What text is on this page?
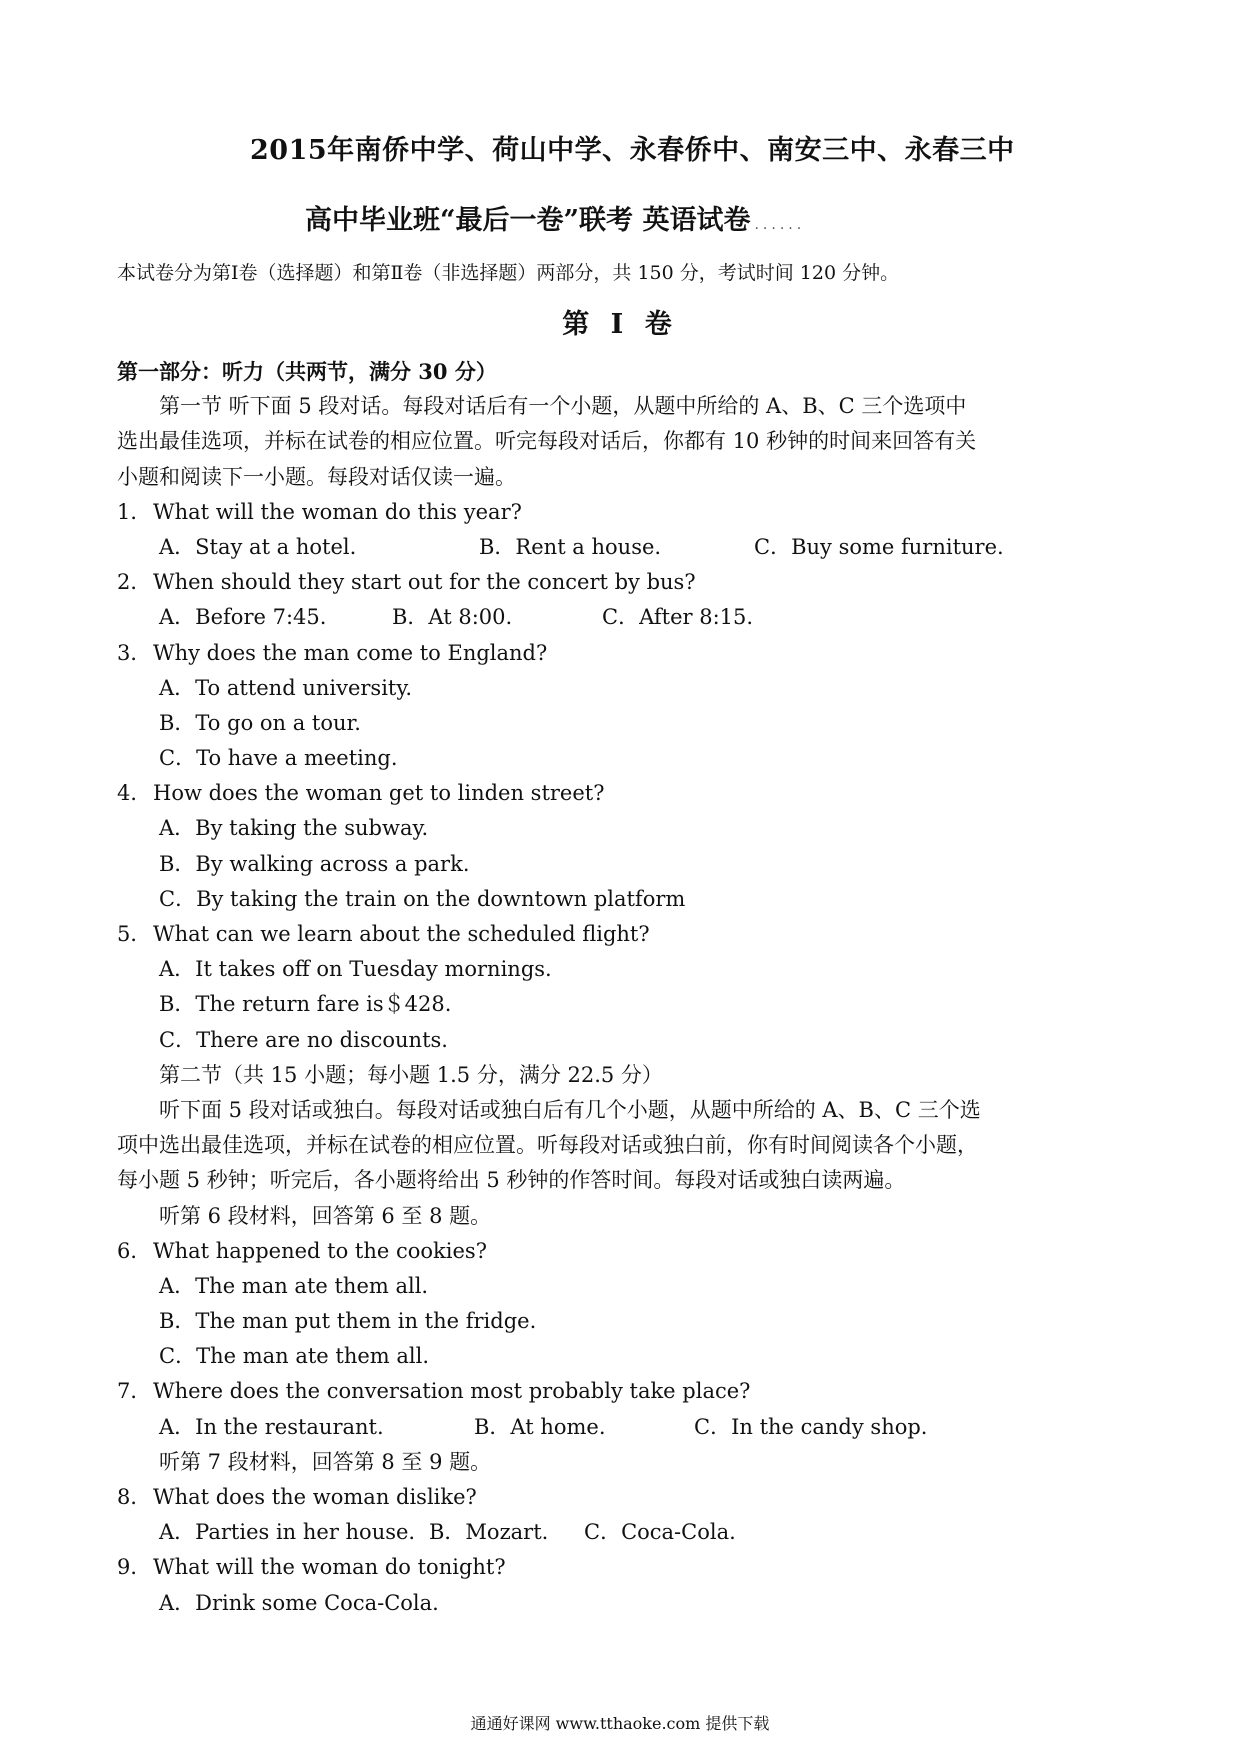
2015年南侨中学、荷山中学、永春侨中、南安三中、永春三中
高中毕业班“最后一卷”联考 英语试卷 ......
本试卷分为第Ⅰ卷（选择题）和第Ⅱ卷（非选择题）两部分，共 150 分，考试时间 120 分钟。
第 I 卷
第一部分：听力（共两节，满分 30 分）
第一节 听下面 5 段对话。每段对话后有一个小题，从题中所给的 A、B、C 三个选项中
选出最佳选项，并标在试卷的相应位置。听完每段对话后，你都有 10 秒钟的时间来回答有关
小题和阅读下一小题。每段对话仅读一遍。
1．What will the woman do this year?
A．Stay at a hotel.	B．Rent a house.	C．Buy some furniture.
2．When should they start out for the concert by bus?
A．Before 7:45.	B．At 8:00.	C．After 8:15.
3．Why does the man come to England?
A．To attend university.
B．To go on a tour.
C．To have a meeting.
4．How does the woman get to linden street?
A．By taking the subway.
B．By walking across a park.
C．By taking the train on the downtown platform
5．What can we learn about the scheduled flight?
A．It takes off on Tuesday mornings.
B．The return fare is＄428.
C．There are no discounts.
第二节（共 15 小题；每小题 1.5 分，满分 22.5 分）
听下面 5 段对话或独白。每段对话或独白后有几个小题，从题中所给的 A、B、C 三个选
项中选出最佳选项，并标在试卷的相应位置。听每段对话或独白前，你有时间阅读各个小题，
每小题 5 秒钟；听完后，各小题将给出 5 秒钟的作答时间。每段对话或独白读两遍。
听第 6 段材料，回答第 6 至 8 题。
6．What happened to the cookies?
A．The man ate them all.
B．The man put them in the fridge.
C．The man ate them all.
7．Where does the conversation most probably take place?
A．In the restaurant.	B．At home.	C．In the candy shop.
听第 7 段材料，回答第 8 至 9 题。
8．What does the woman dislike?
A．Parties in her house. B．Mozart.	C．Coca-Cola.
9．What will the woman do tonight?
A．Drink some Coca-Cola.
通通好课网 www.tthaoke.com 提供下载
